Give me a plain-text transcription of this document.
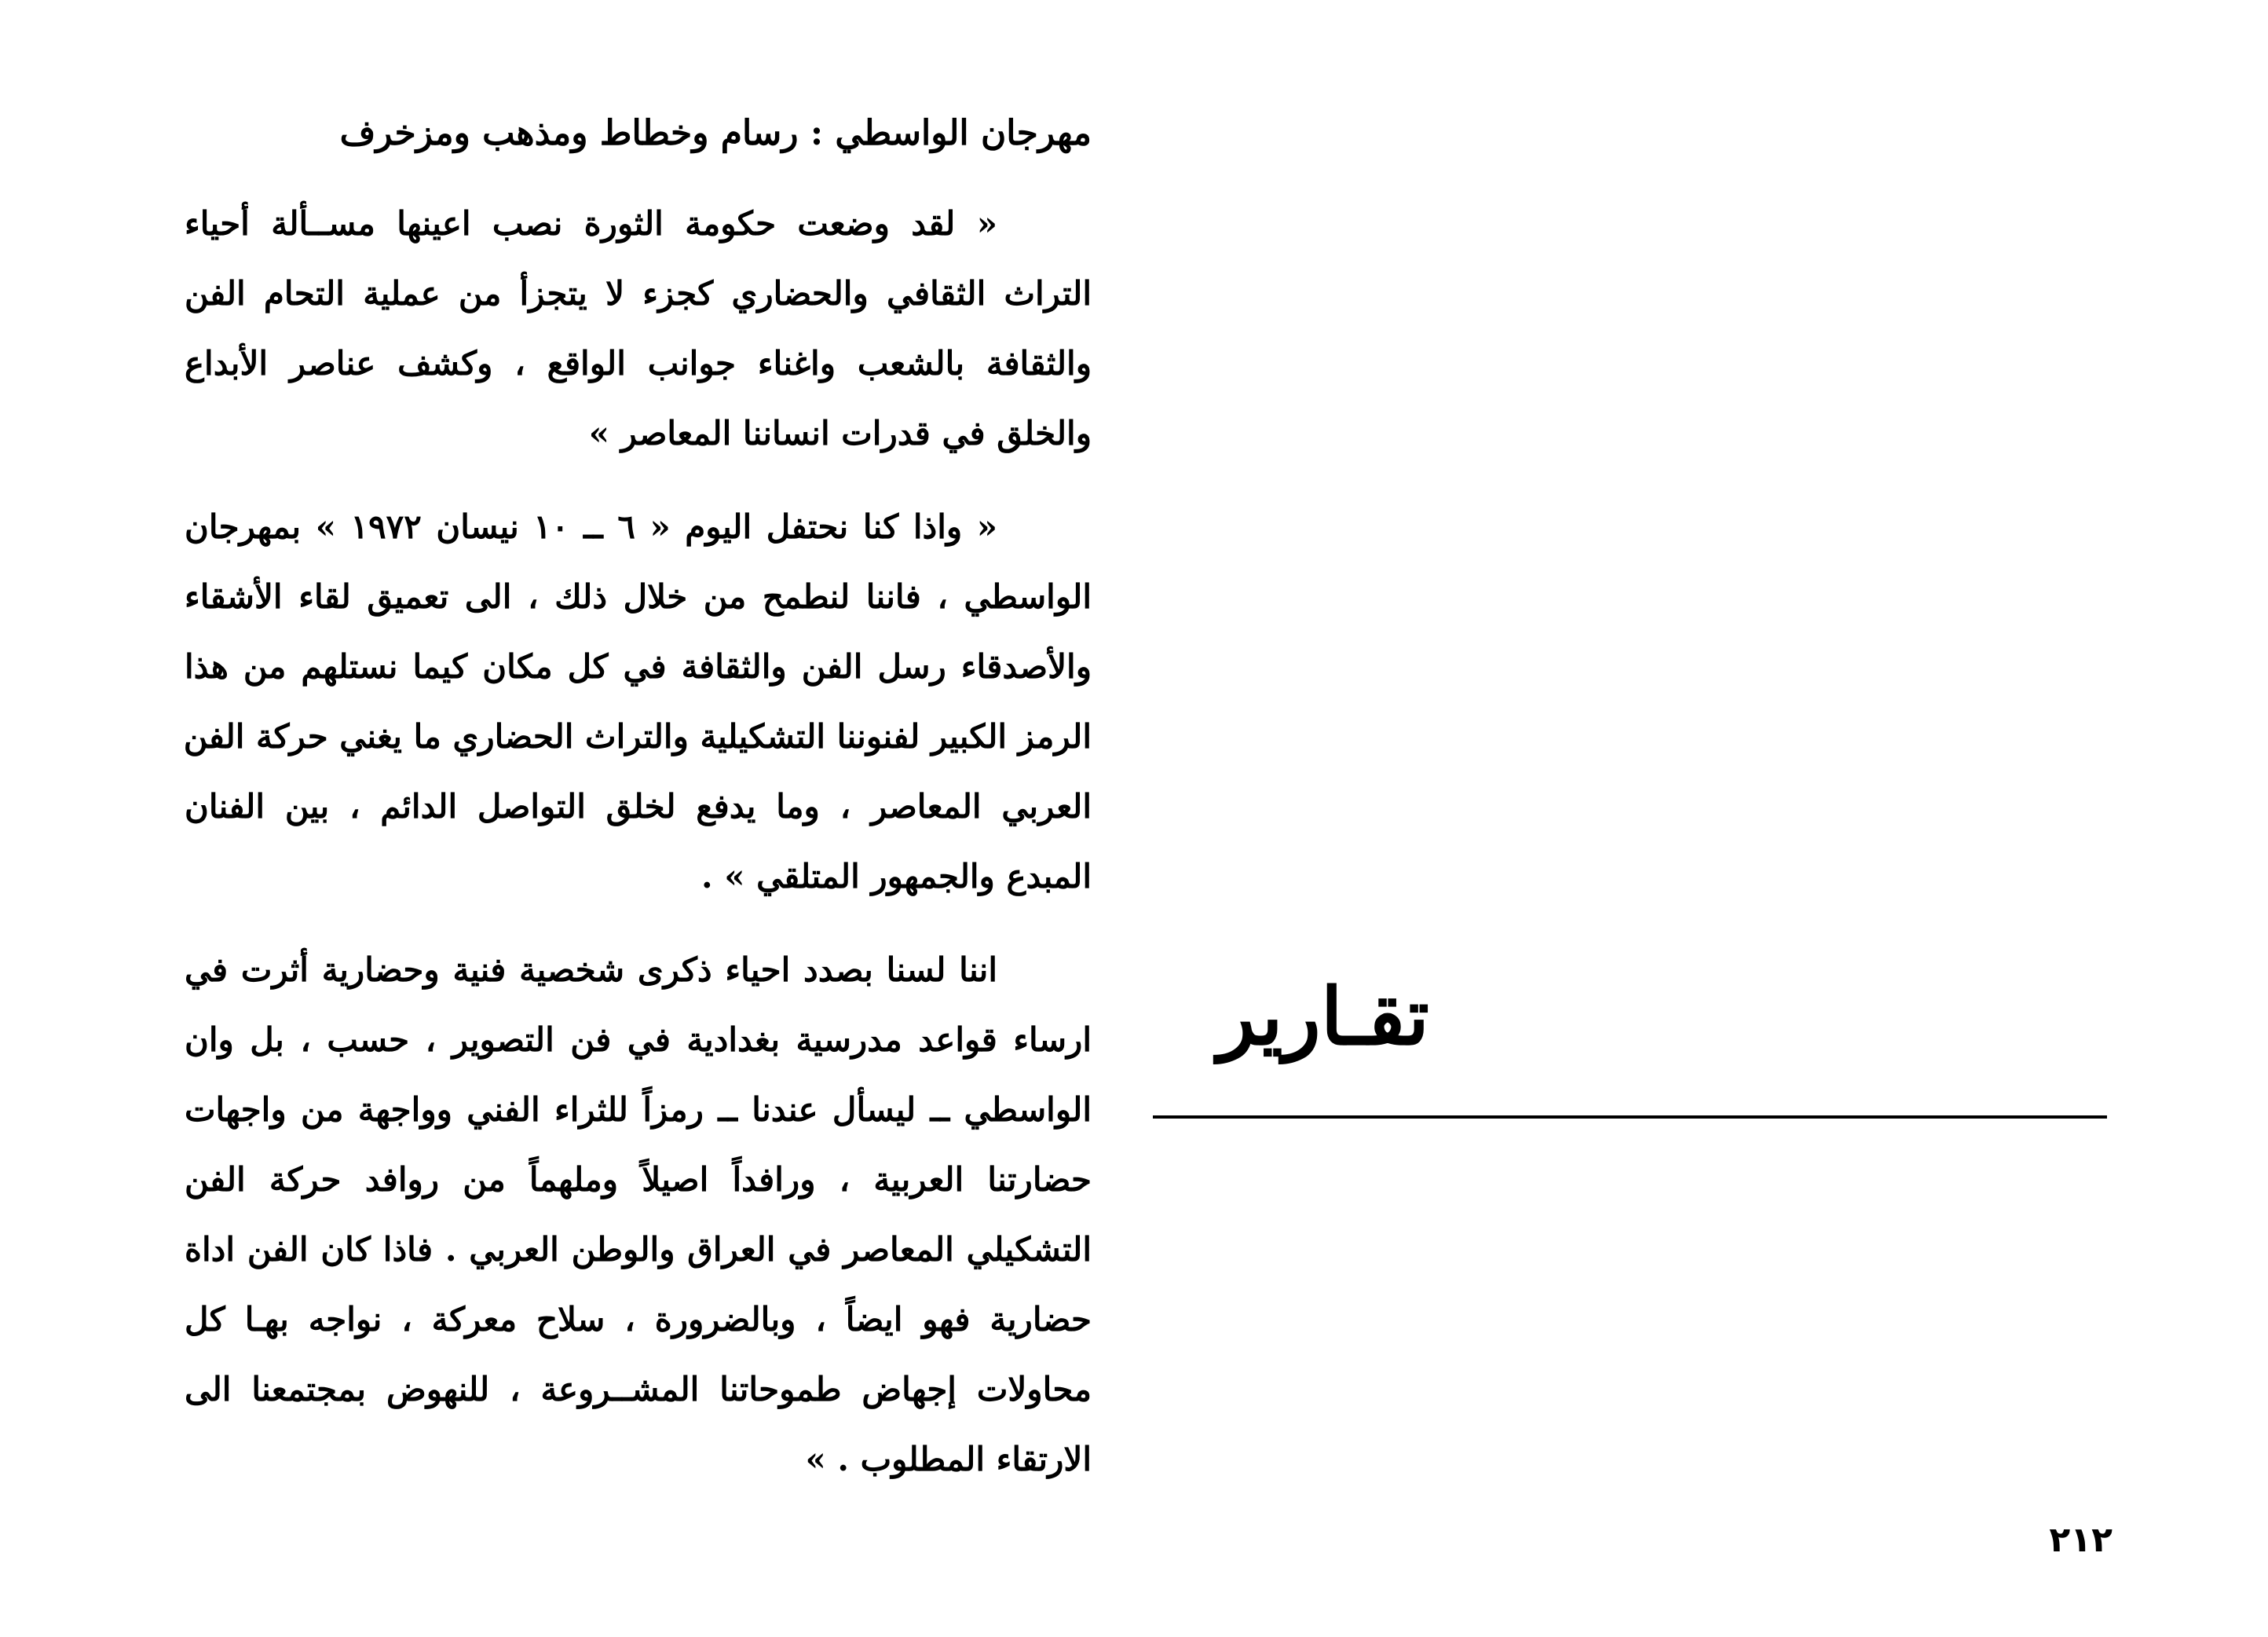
مهرجان الواسطي : رسام وخطاط ومذهب ومزخرف
« لقد وضعت حكومة الثورة نصب اعينها مســألة أحياء
التراث الثقافي والحضاري كجزء لا يتجزأ من عملية التحام الفن
والثقافة بالشعب واغناء جوانب الواقع ، وكشف عناصر الأبداع
والخلق في قدرات انساننا المعاصر »
« واذا كنا نحتفل اليوم « ٦ ــ ١٠ نيسان ١٩٧٢ » بمهرجان
الواسطي ، فاننا لنطمح من خلال ذلك ، الى تعميق لقاء الأشقاء
والأصدقاء رسل الفن والثقافة في كل مكان كيما نستلهم من هذا
الرمز الكبير لفنوننا التشكيلية والتراث الحضاري ما يغني حركة الفن
العربي المعاصر ، وما يدفع لخلق التواصل الدائم ، بين الفنان
المبدع والجمهور المتلقي » .
اننا لسنا بصدد احياء ذكرى شخصية فنية وحضارية أثرت في
ارساء قواعد مدرسية بغدادية في فن التصوير ، حسب ، بل وان
الواسطي ــ ليسأل عندنا ــ رمزاً للثراء الفني وواجهة من واجهات
حضارتنا العربية ، ورافداً اصيلاً وملهماً من روافد حركة الفن
التشكيلي المعاصر في العراق والوطن العربي . فاذا كان الفن اداة
حضارية فهو ايضاً ، وبالضرورة ، سلاح معركة ، نواجه بهـا كل
محاولات إجهاض طموحاتنا المشــروعة ، للنهوض بمجتمعنا الى
الارتقاء المطلوب . »
تقـارير
٢١٢
